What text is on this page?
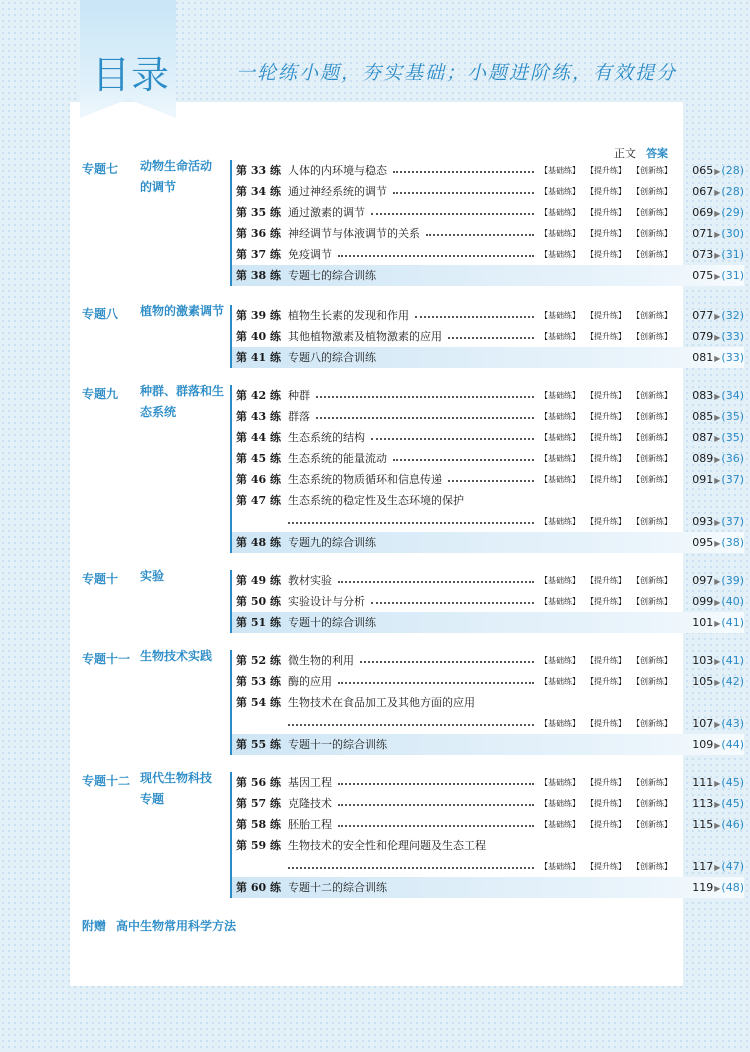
目录	一轮练小题，夯实基础；小题进阶练，有效提分
正文 答案
专题七 动物生命活动
的调节
第 33 练 人体的内环境与稳态	【基础练】 【提升练】 【创新练】 065▶(28)
第 34 练 通过神经系统的调节	【基础练】 【提升练】 【创新练】 067▶(28)
第 35 练 通过激素的调节	【基础练】 【提升练】 【创新练】 069▶(29)
第 36 练 神经调节与体液调节的关系	【基础练】 【提升练】 【创新练】 071▶(30)
第 37 练 免疫调节	【基础练】 【提升练】 【创新练】 073▶(31)
第 38 练 专题七的综合训练	075▶(31)
专题八 植物的激素调节 第 39 练 植物生长素的发现和作用	【基础练】 【提升练】 【创新练】 077▶(32)
第 40 练 其他植物激素及植物激素的应用	【基础练】 【提升练】 【创新练】 079▶(33)
第 41 练 专题八的综合训练	081▶(33)
专题九 种群、群落和生
态系统
第 42 练 种群	【基础练】 【提升练】 【创新练】 083▶(34)
第 43 练 群落	【基础练】 【提升练】 【创新练】 085▶(35)
第 44 练 生态系统的结构	【基础练】 【提升练】 【创新练】 087▶(35)
第 45 练 生态系统的能量流动	【基础练】 【提升练】 【创新练】 089▶(36)
第 46 练 生态系统的物质循环和信息传递	【基础练】 【提升练】 【创新练】 091▶(37)
第 47 练 生态系统的稳定性及生态环境的保护
【基础练】 【提升练】 【创新练】 093▶(37)
第 48 练 专题九的综合训练	095▶(38)
专题十 实验	第 49 练 教材实验	【基础练】 【提升练】 【创新练】 097▶(39)
第 50 练 实验设计与分析	【基础练】 【提升练】 【创新练】 099▶(40)
第 51 练 专题十的综合训练	101▶(41)
专题十一 生物技术实践	第 52 练 微生物的利用	【基础练】 【提升练】 【创新练】 103▶(41)
第 53 练 酶的应用	【基础练】 【提升练】 【创新练】 105▶(42)
第 54 练 生物技术在食品加工及其他方面的应用
【基础练】 【提升练】 【创新练】 107▶(43)
第 55 练 专题十一的综合训练	109▶(44)
专题十二 现代生物科技
专题
第 56 练 基因工程	【基础练】 【提升练】 【创新练】 111▶(45)
第 57 练 克隆技术	【基础练】 【提升练】 【创新练】 113▶(45)
第 58 练 胚胎工程	【基础练】 【提升练】 【创新练】 115▶(46)
第 59 练 生物技术的安全性和伦理问题及生态工程
【基础练】 【提升练】 【创新练】 117▶(47)
第 60 练 专题十二的综合训练	119▶(48)
附赠 高中生物常用科学方法
